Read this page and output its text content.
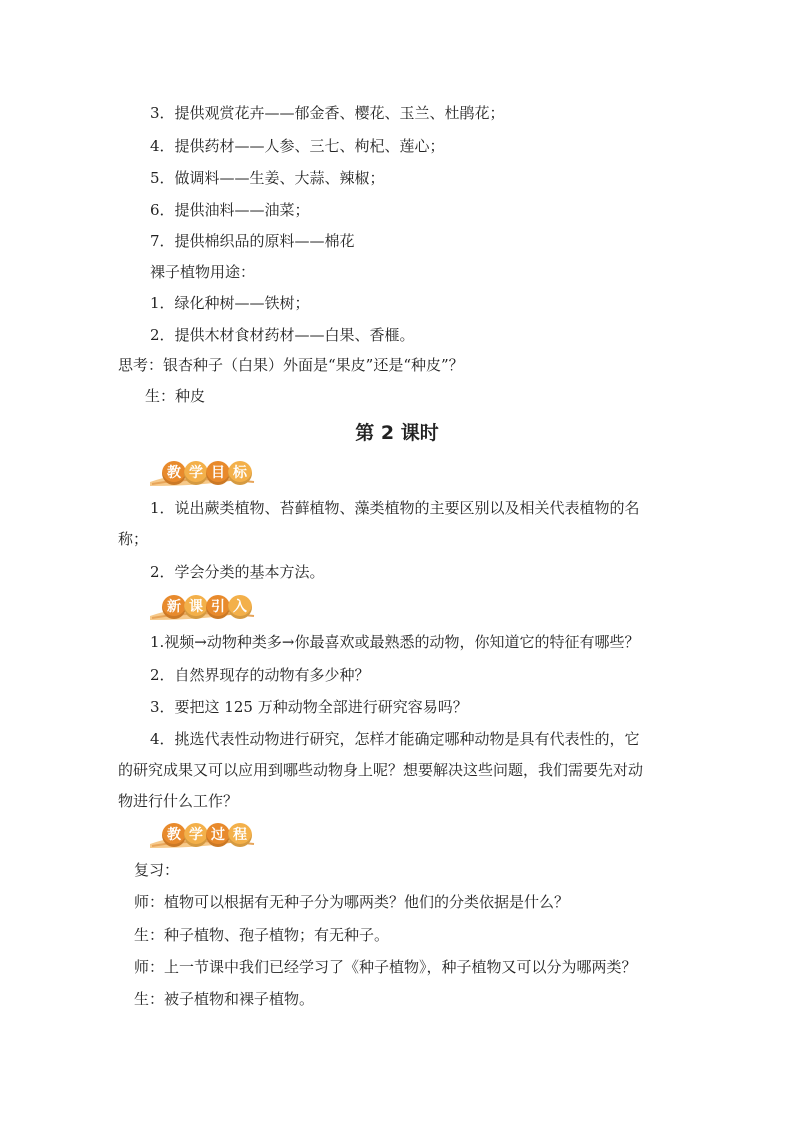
3．提供观赏花卉——郁金香、樱花、玉兰、杜鹃花；
4．提供药材——人参、三七、枸杞、莲心；
5．做调料——生姜、大蒜、辣椒；
6．提供油料——油菜；
7．提供棉织品的原料——棉花
裸子植物用途：
1．绿化种树——铁树；
2．提供木材食材药材——白果、香榧。
思考：银杏种子（白果）外面是“果皮”还是“种皮”？
生：种皮
第 2 课时
教 学 目 标
1．说出蕨类植物、苔藓植物、藻类植物的主要区别以及相关代表植物的名
称；
2．学会分类的基本方法。
新 课 引 入
1.视频→动物种类多→你最喜欢或最熟悉的动物，你知道它的特征有哪些？
2．自然界现存的动物有多少种？
3．要把这 125 万种动物全部进行研究容易吗？
4．挑选代表性动物进行研究，怎样才能确定哪种动物是具有代表性的，它
的研究成果又可以应用到哪些动物身上呢？想要解决这些问题，我们需要先对动
物进行什么工作？
教 学 过 程
复习：
师：植物可以根据有无种子分为哪两类？他们的分类依据是什么？
生：种子植物、孢子植物；有无种子。
师：上一节课中我们已经学习了《种子植物》，种子植物又可以分为哪两类？
生：被子植物和裸子植物。
